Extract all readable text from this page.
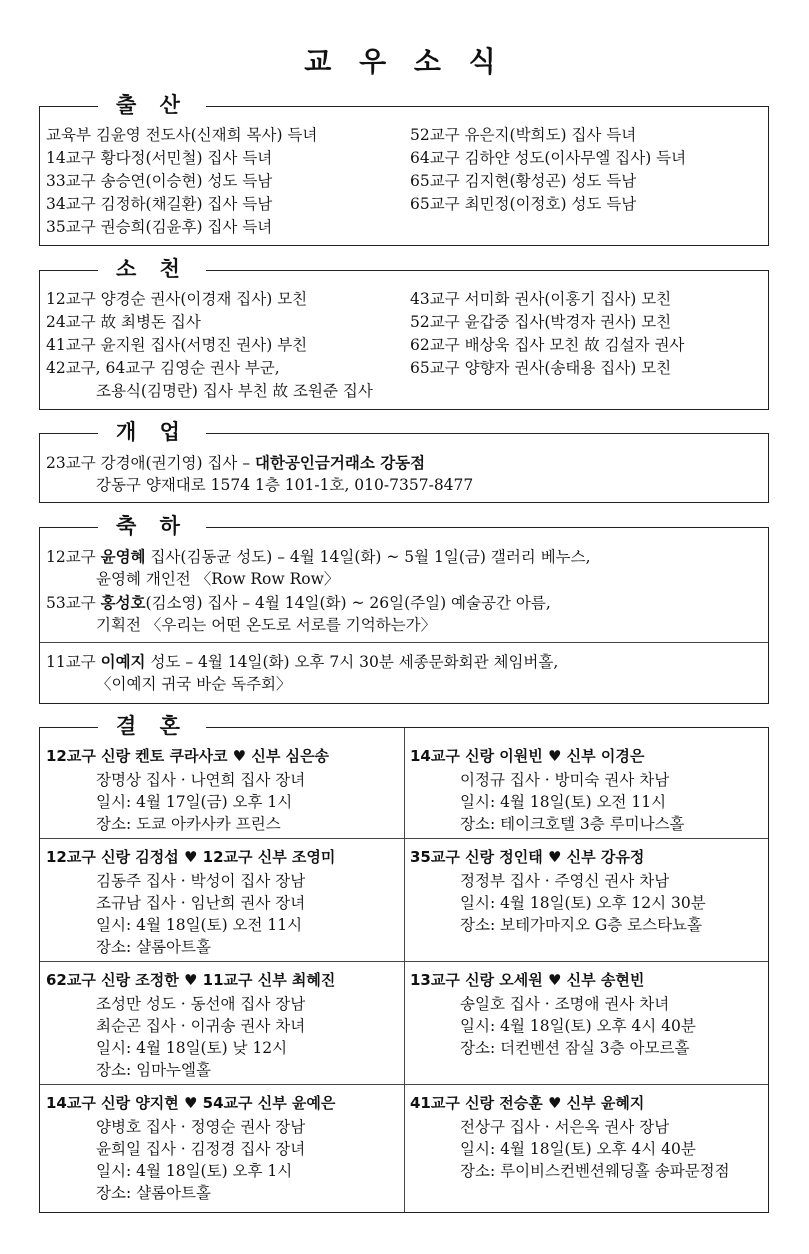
교 우 소 식
출 산
교육부 김윤영 전도사(신재희 목사) 득녀
14교구 황다정(서민철) 집사 득녀
33교구 송승연(이승현) 성도 득남
34교구 김정하(채길환) 집사 득남
35교구 권승희(김윤후) 집사 득녀
52교구 유은지(박희도) 집사 득녀
64교구 김하얀 성도(이사무엘 집사) 득녀
65교구 김지현(황성곤) 성도 득남
65교구 최민정(이정호) 성도 득남
소 천
12교구 양경순 권사(이경재 집사) 모친
24교구 故 최병돈 집사
41교구 윤지원 집사(서명진 권사) 부친
42교구, 64교구 김영순 권사 부군,
조용식(김명란) 집사 부친 故 조원준 집사
43교구 서미화 권사(이홍기 집사) 모친
52교구 윤갑중 집사(박경자 권사) 모친
62교구 배상욱 집사 모친 故 김설자 권사
65교구 양향자 권사(송태용 집사) 모친
개 업
23교구 강경애(권기영) 집사 – 대한공인금거래소 강동점
강동구 양재대로 1574 1층 101-1호, 010-7357-8477
축 하
12교구 윤영혜 집사(김동균 성도) – 4월 14일(화) ~ 5월 1일(금) 갤러리 베누스,
윤영혜 개인전 〈Row Row Row〉
53교구 홍성호(김소영) 집사 – 4월 14일(화) ~ 26일(주일) 예술공간 아름,
기획전 〈우리는 어떤 온도로 서로를 기억하는가〉
11교구 이예지 성도 – 4월 14일(화) 오후 7시 30분 세종문화회관 체임버홀,
〈이예지 귀국 바순 독주회〉
결 혼
12교구 신랑 켄토 쿠라사코 ♥ 신부 심은송
장명상 집사 · 나연희 집사 장녀
일시: 4월 17일(금) 오후 1시
장소: 도쿄 아카사카 프린스
14교구 신랑 이원빈 ♥ 신부 이경은
이정규 집사 · 방미숙 권사 차남
일시: 4월 18일(토) 오전 11시
장소: 테이크호텔 3층 루미나스홀
12교구 신랑 김정섭 ♥ 12교구 신부 조영미
김동주 집사 · 박성이 집사 장남
조규남 집사 · 임난희 권사 장녀
일시: 4월 18일(토) 오전 11시
장소: 샬롬아트홀
35교구 신랑 정인태 ♥ 신부 강유정
정정부 집사 · 주영신 권사 차남
일시: 4월 18일(토) 오후 12시 30분
장소: 보테가마지오 G층 로스타뇨홀
62교구 신랑 조정한 ♥ 11교구 신부 최혜진
조성만 성도 · 동선애 집사 장남
최순곤 집사 · 이귀송 권사 차녀
일시: 4월 18일(토) 낮 12시
장소: 임마누엘홀
13교구 신랑 오세원 ♥ 신부 송현빈
송일호 집사 · 조명애 권사 차녀
일시: 4월 18일(토) 오후 4시 40분
장소: 더컨벤션 잠실 3층 아모르홀
14교구 신랑 양지현 ♥ 54교구 신부 윤예은
양병호 집사 · 정영순 권사 장남
윤희일 집사 · 김정경 집사 장녀
일시: 4월 18일(토) 오후 1시
장소: 샬롬아트홀
41교구 신랑 전승훈 ♥ 신부 윤혜지
전상구 집사 · 서은옥 권사 장남
일시: 4월 18일(토) 오후 4시 40분
장소: 루이비스컨벤션웨딩홀 송파문정점
